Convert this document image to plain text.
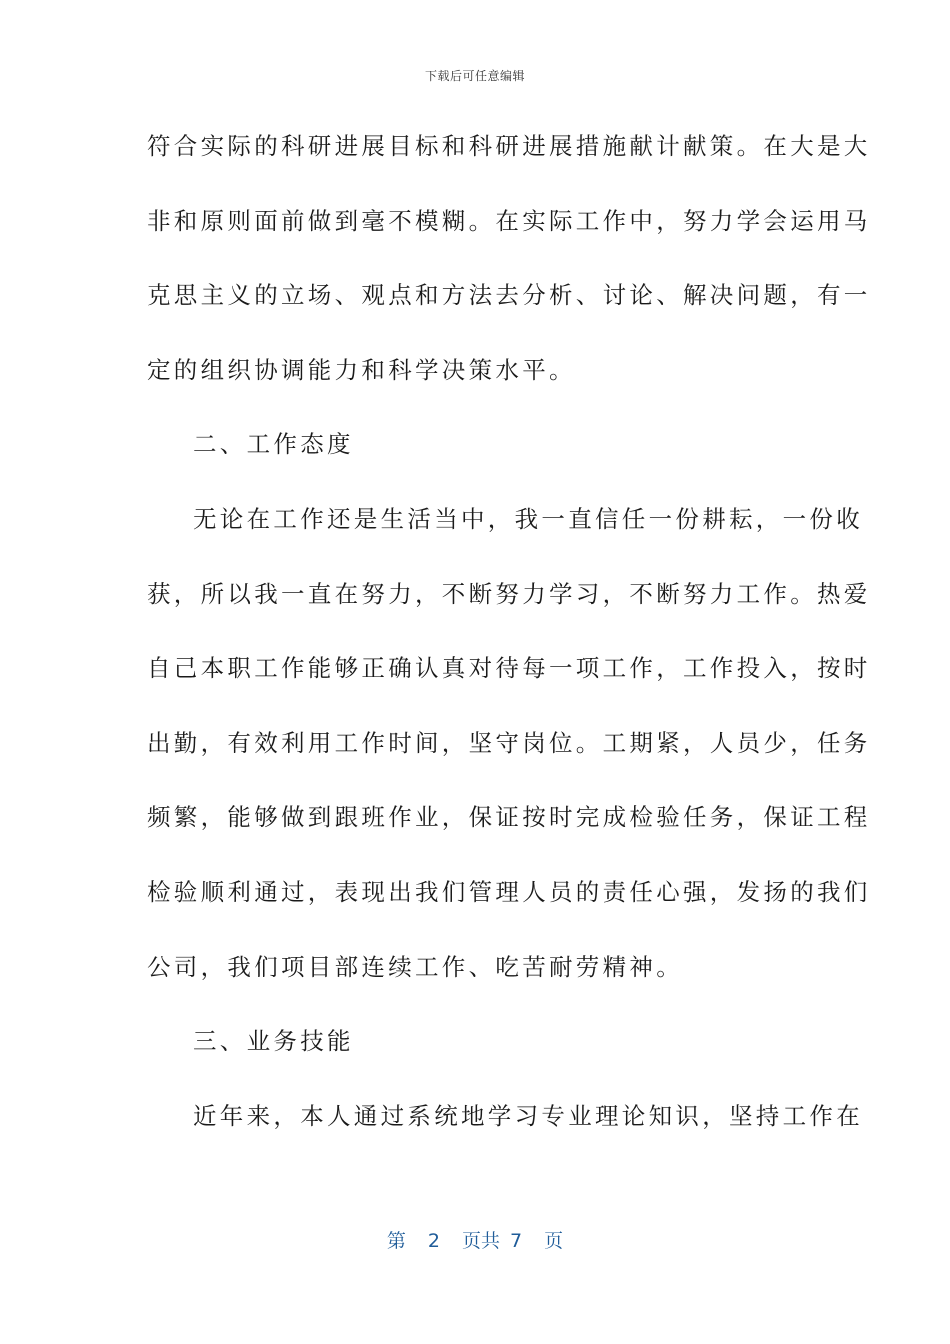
下载后可任意编辑
符合实际的科研进展目标和科研进展措施献计献策。在大是大
非和原则面前做到毫不模糊。在实际工作中，努力学会运用马
克思主义的立场、观点和方法去分析、讨论、解决问题，有一
定的组织协调能力和科学决策水平。
二、工作态度
无论在工作还是生活当中，我一直信任一份耕耘，一份收
获，所以我一直在努力，不断努力学习，不断努力工作。热爱
自己本职工作能够正确认真对待每一项工作，工作投入，按时
出勤，有效利用工作时间，坚守岗位。工期紧，人员少，任务
频繁，能够做到跟班作业，保证按时完成检验任务，保证工程
检验顺利通过，表现出我们管理人员的责任心强，发扬的我们
公司，我们项目部连续工作、吃苦耐劳精神。
三、业务技能
近年来，本人通过系统地学习专业理论知识，坚持工作在
第 2 页共 7 页
